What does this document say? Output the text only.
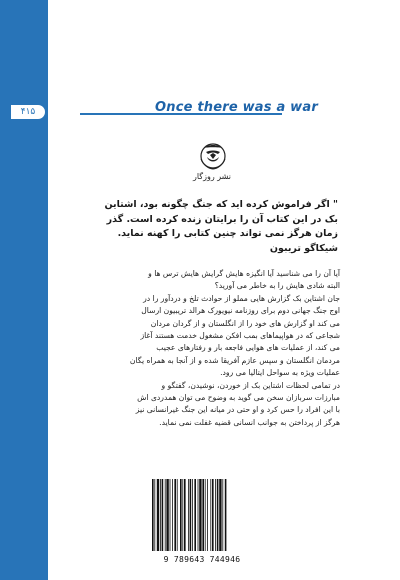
۴۱۵	Once there was a war
نشر روزگار
" اگر فراموش کرده اید که جنگ چگونه بود، اشتاین
بک در این کتاب آن را برایتان زنده کرده است. گذر
زمان هرگز نمی تواند چنین کتابی را کهنه نماید.
شیکاگو تریبون
آیا آن را می شناسید آیا انگیزه هایش گرایش هایش ترس ها و
البته شادی هایش را به خاطر می آورید؟
جان اشتاین بک گزارش هایی مملو از حوادث تلخ و دردآور را در
اوج جنگ جهانی دوم برای روزنامه نیویورک هرالد تریبیون ارسال
می کند او گزارش های خود را از انگلستان و از گردان مردان
شجاعی که در هواپیماهای بمب افکن مشغول خدمت هستند آغاز
می کند، از عملیات های هوایی فاجعه بار و رفتارهای عجیب
مردمان انگلستان و سپس عازم آفریقا شده و از آنجا به همراه یگان
عملیات ویژه به سواحل ایتالیا می رود.
در تمامی لحظات اشتاین بک از خوردن، نوشیدن، گفتگو و
مبارزات سربازان سخن می گوید به وضوح می توان همدردی اش
با این افراد را حس کرد و او حتی در میانه این جنگ غیرانسانی نیز
هرگز از پرداختن به جوانب انسانی قضیه غفلت نمی نماید.
9 789643 744946
